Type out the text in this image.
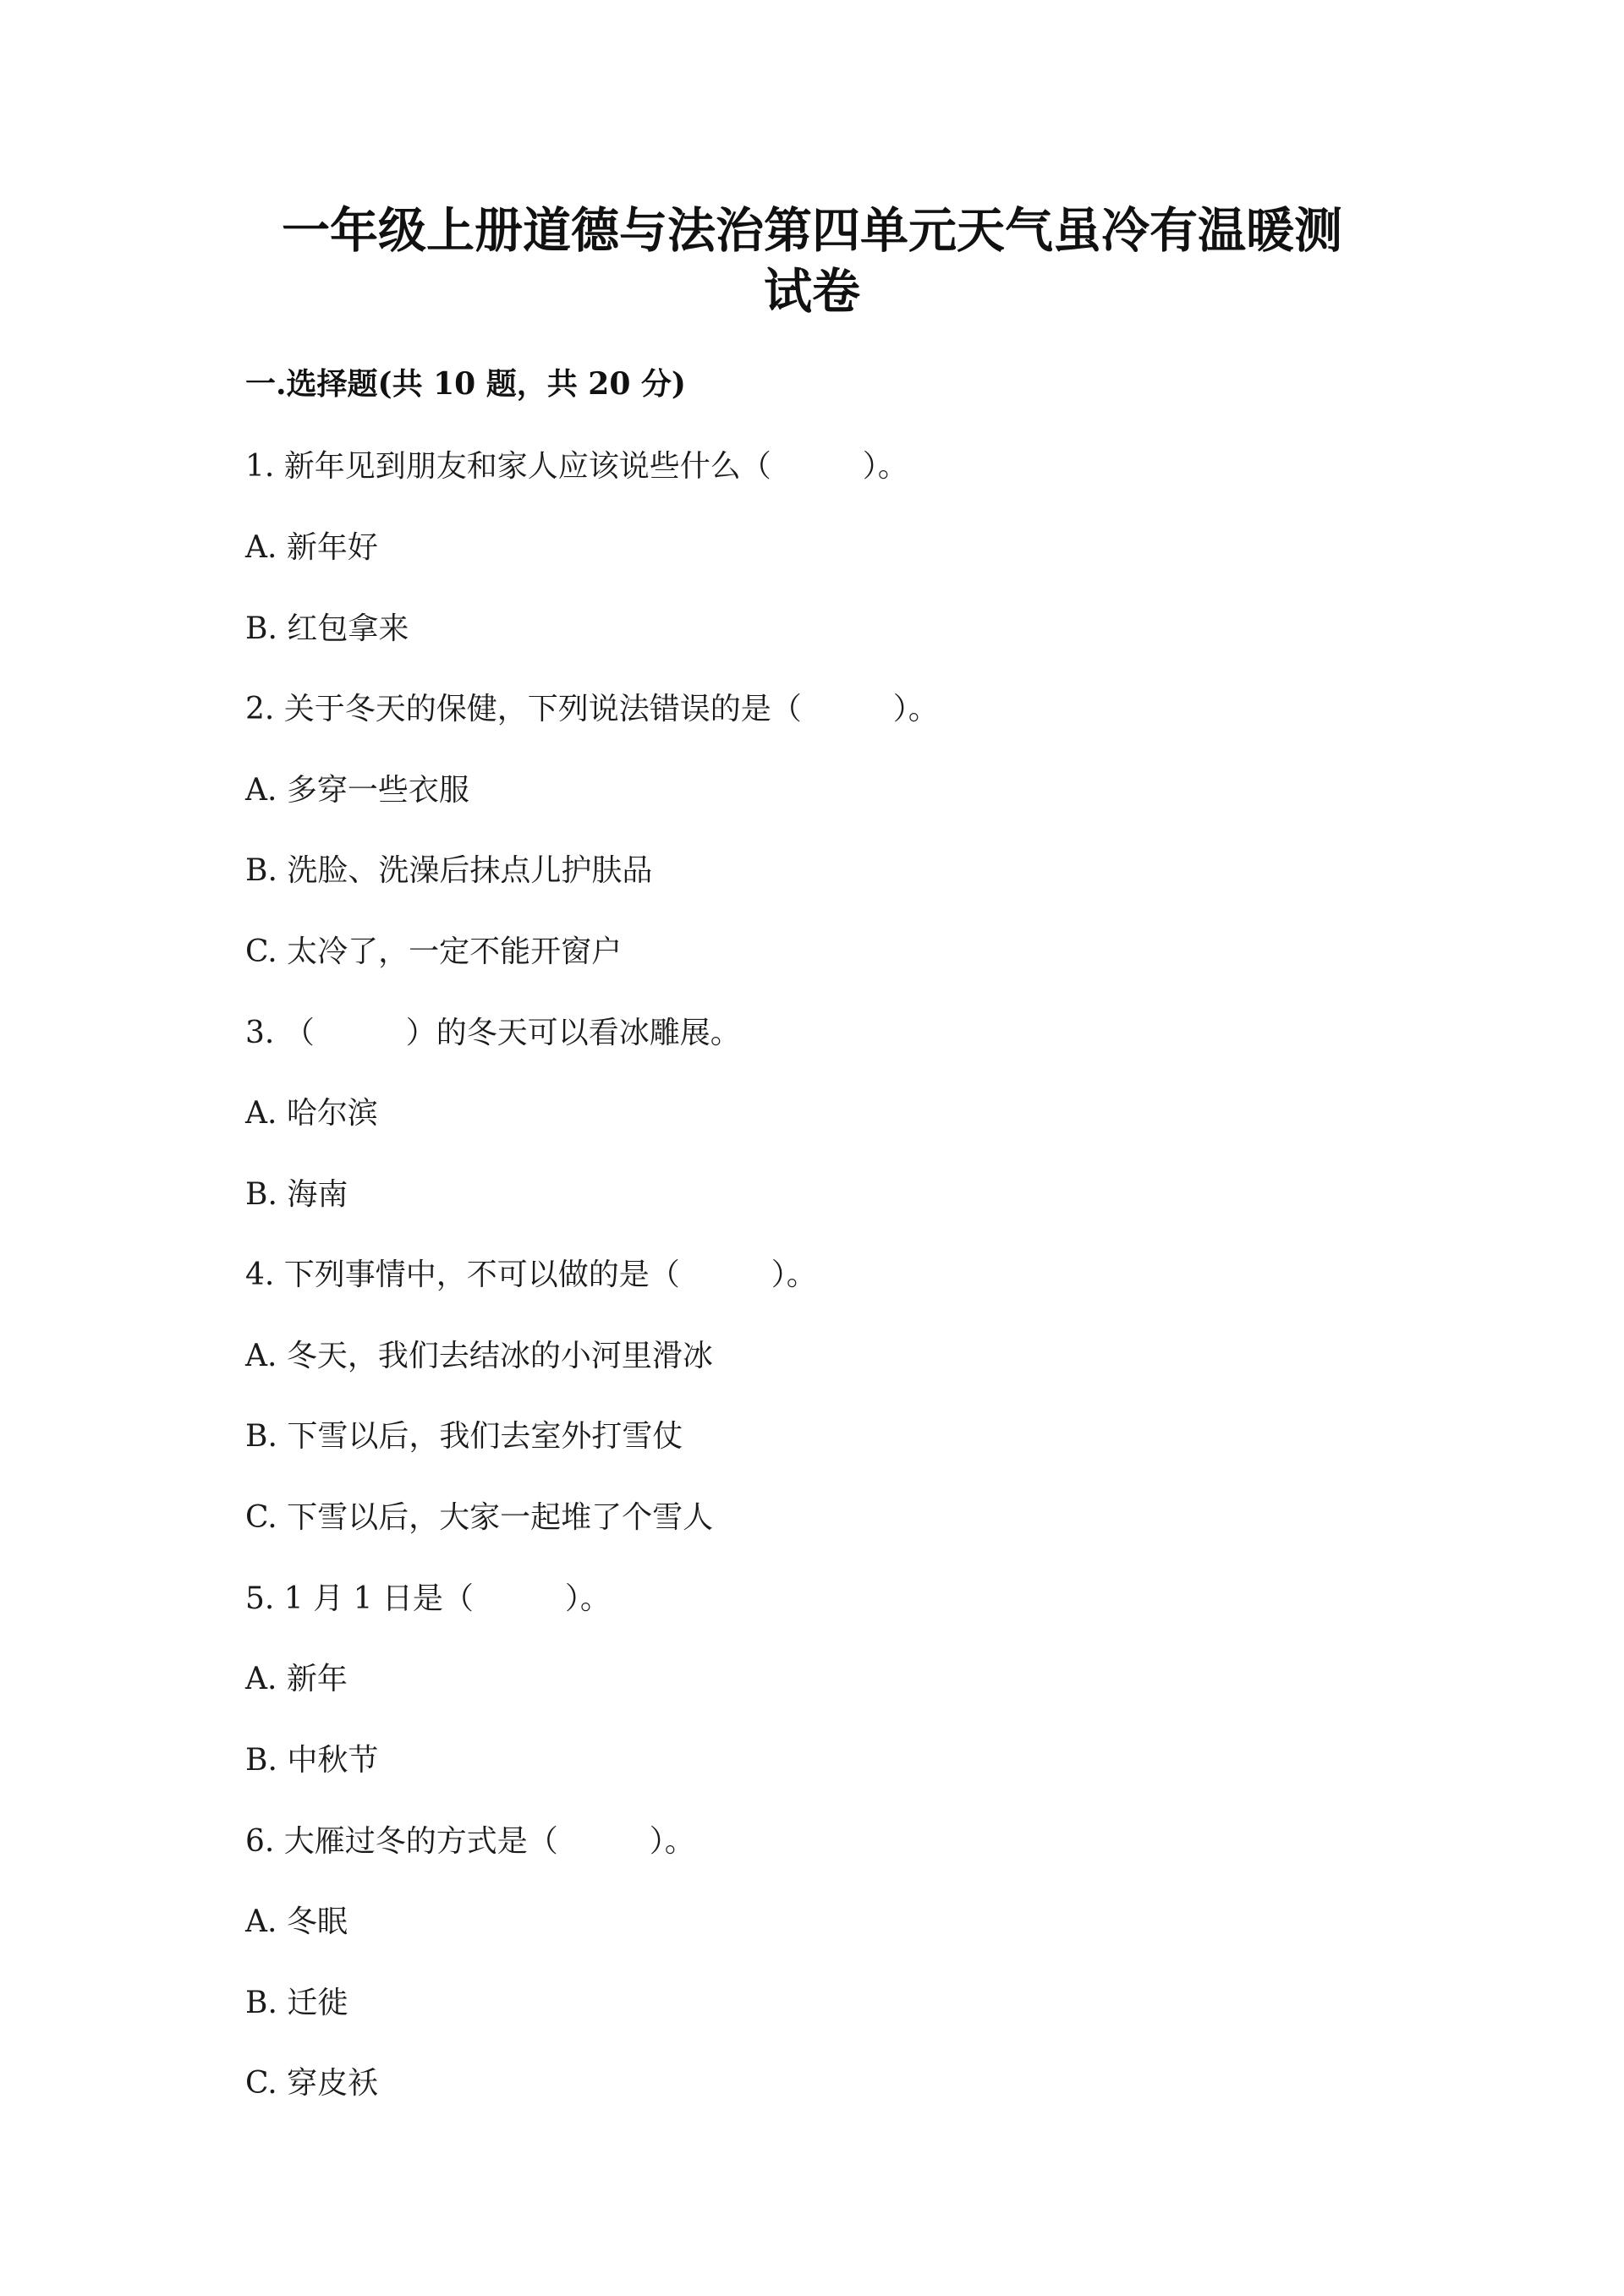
一年级上册道德与法治第四单元天气虽冷有温暖测
试卷
一.选择题(共 10 题，共 20 分)
1. 新年见到朋友和家人应该说些什么（　　　）。
A. 新年好
B. 红包拿来
2. 关于冬天的保健，下列说法错误的是（　　　）。
A. 多穿一些衣服
B. 洗脸、洗澡后抹点儿护肤品
C. 太冷了，一定不能开窗户
3. （　　　）的冬天可以看冰雕展。
A. 哈尔滨
B. 海南
4. 下列事情中，不可以做的是（　　　）。
A. 冬天，我们去结冰的小河里滑冰
B. 下雪以后，我们去室外打雪仗
C. 下雪以后，大家一起堆了个雪人
5. 1 月 1 日是（　　　）。
A. 新年
B. 中秋节
6. 大雁过冬的方式是（　　　）。
A. 冬眠
B. 迁徙
C. 穿皮袄
